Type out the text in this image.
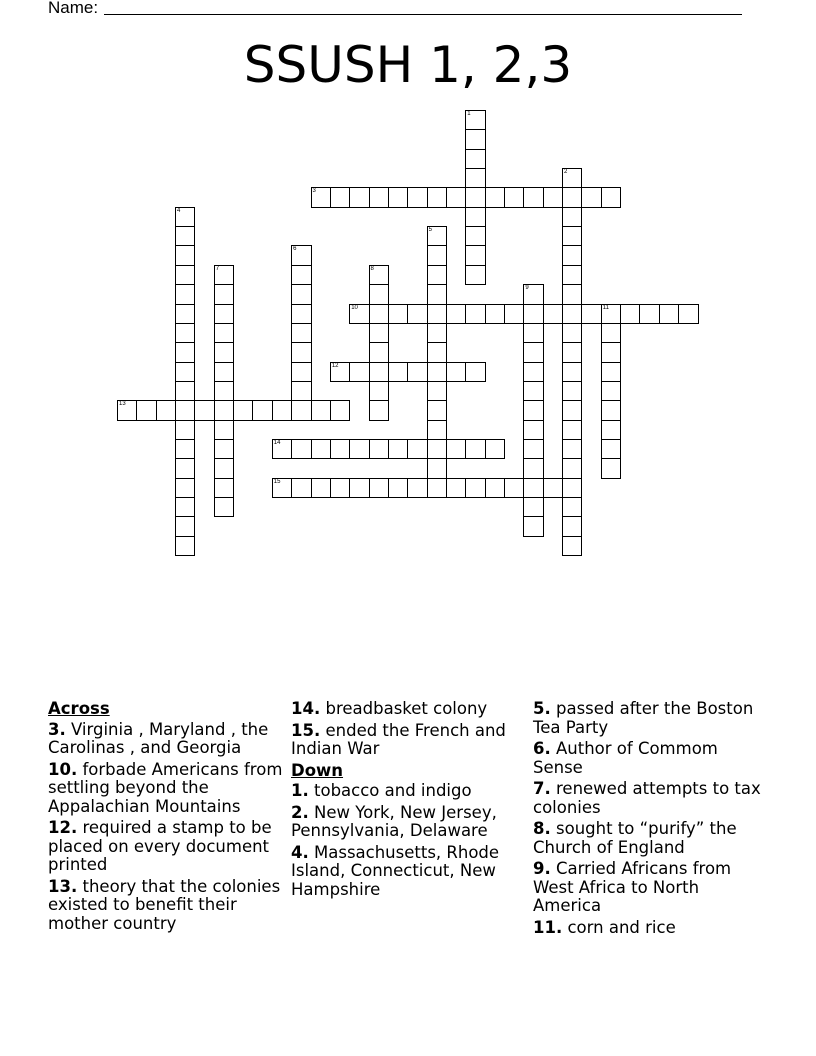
Name:
SSUSH 1, 2,3
1
2
3
4
5
6
7	8
9
10	11
12
13
14
15
Across
3. Virginia , Maryland , the Carolinas , and Georgia
10. forbade Americans from settling beyond the Appalachian Mountains
12. required a stamp to be placed on every document printed
13. theory that the colonies existed to benefit their mother country
14. breadbasket colony
15. ended the French and Indian War
Down
1. tobacco and indigo
2. New York, New Jersey, Pennsylvania, Delaware
4. Massachusetts, Rhode Island, Connecticut, New Hampshire
5. passed after the Boston Tea Party
6. Author of Commom Sense
7. renewed attempts to tax colonies
8. sought to “purify” the Church of England
9. Carried Africans from West Africa to North America
11. corn and rice
